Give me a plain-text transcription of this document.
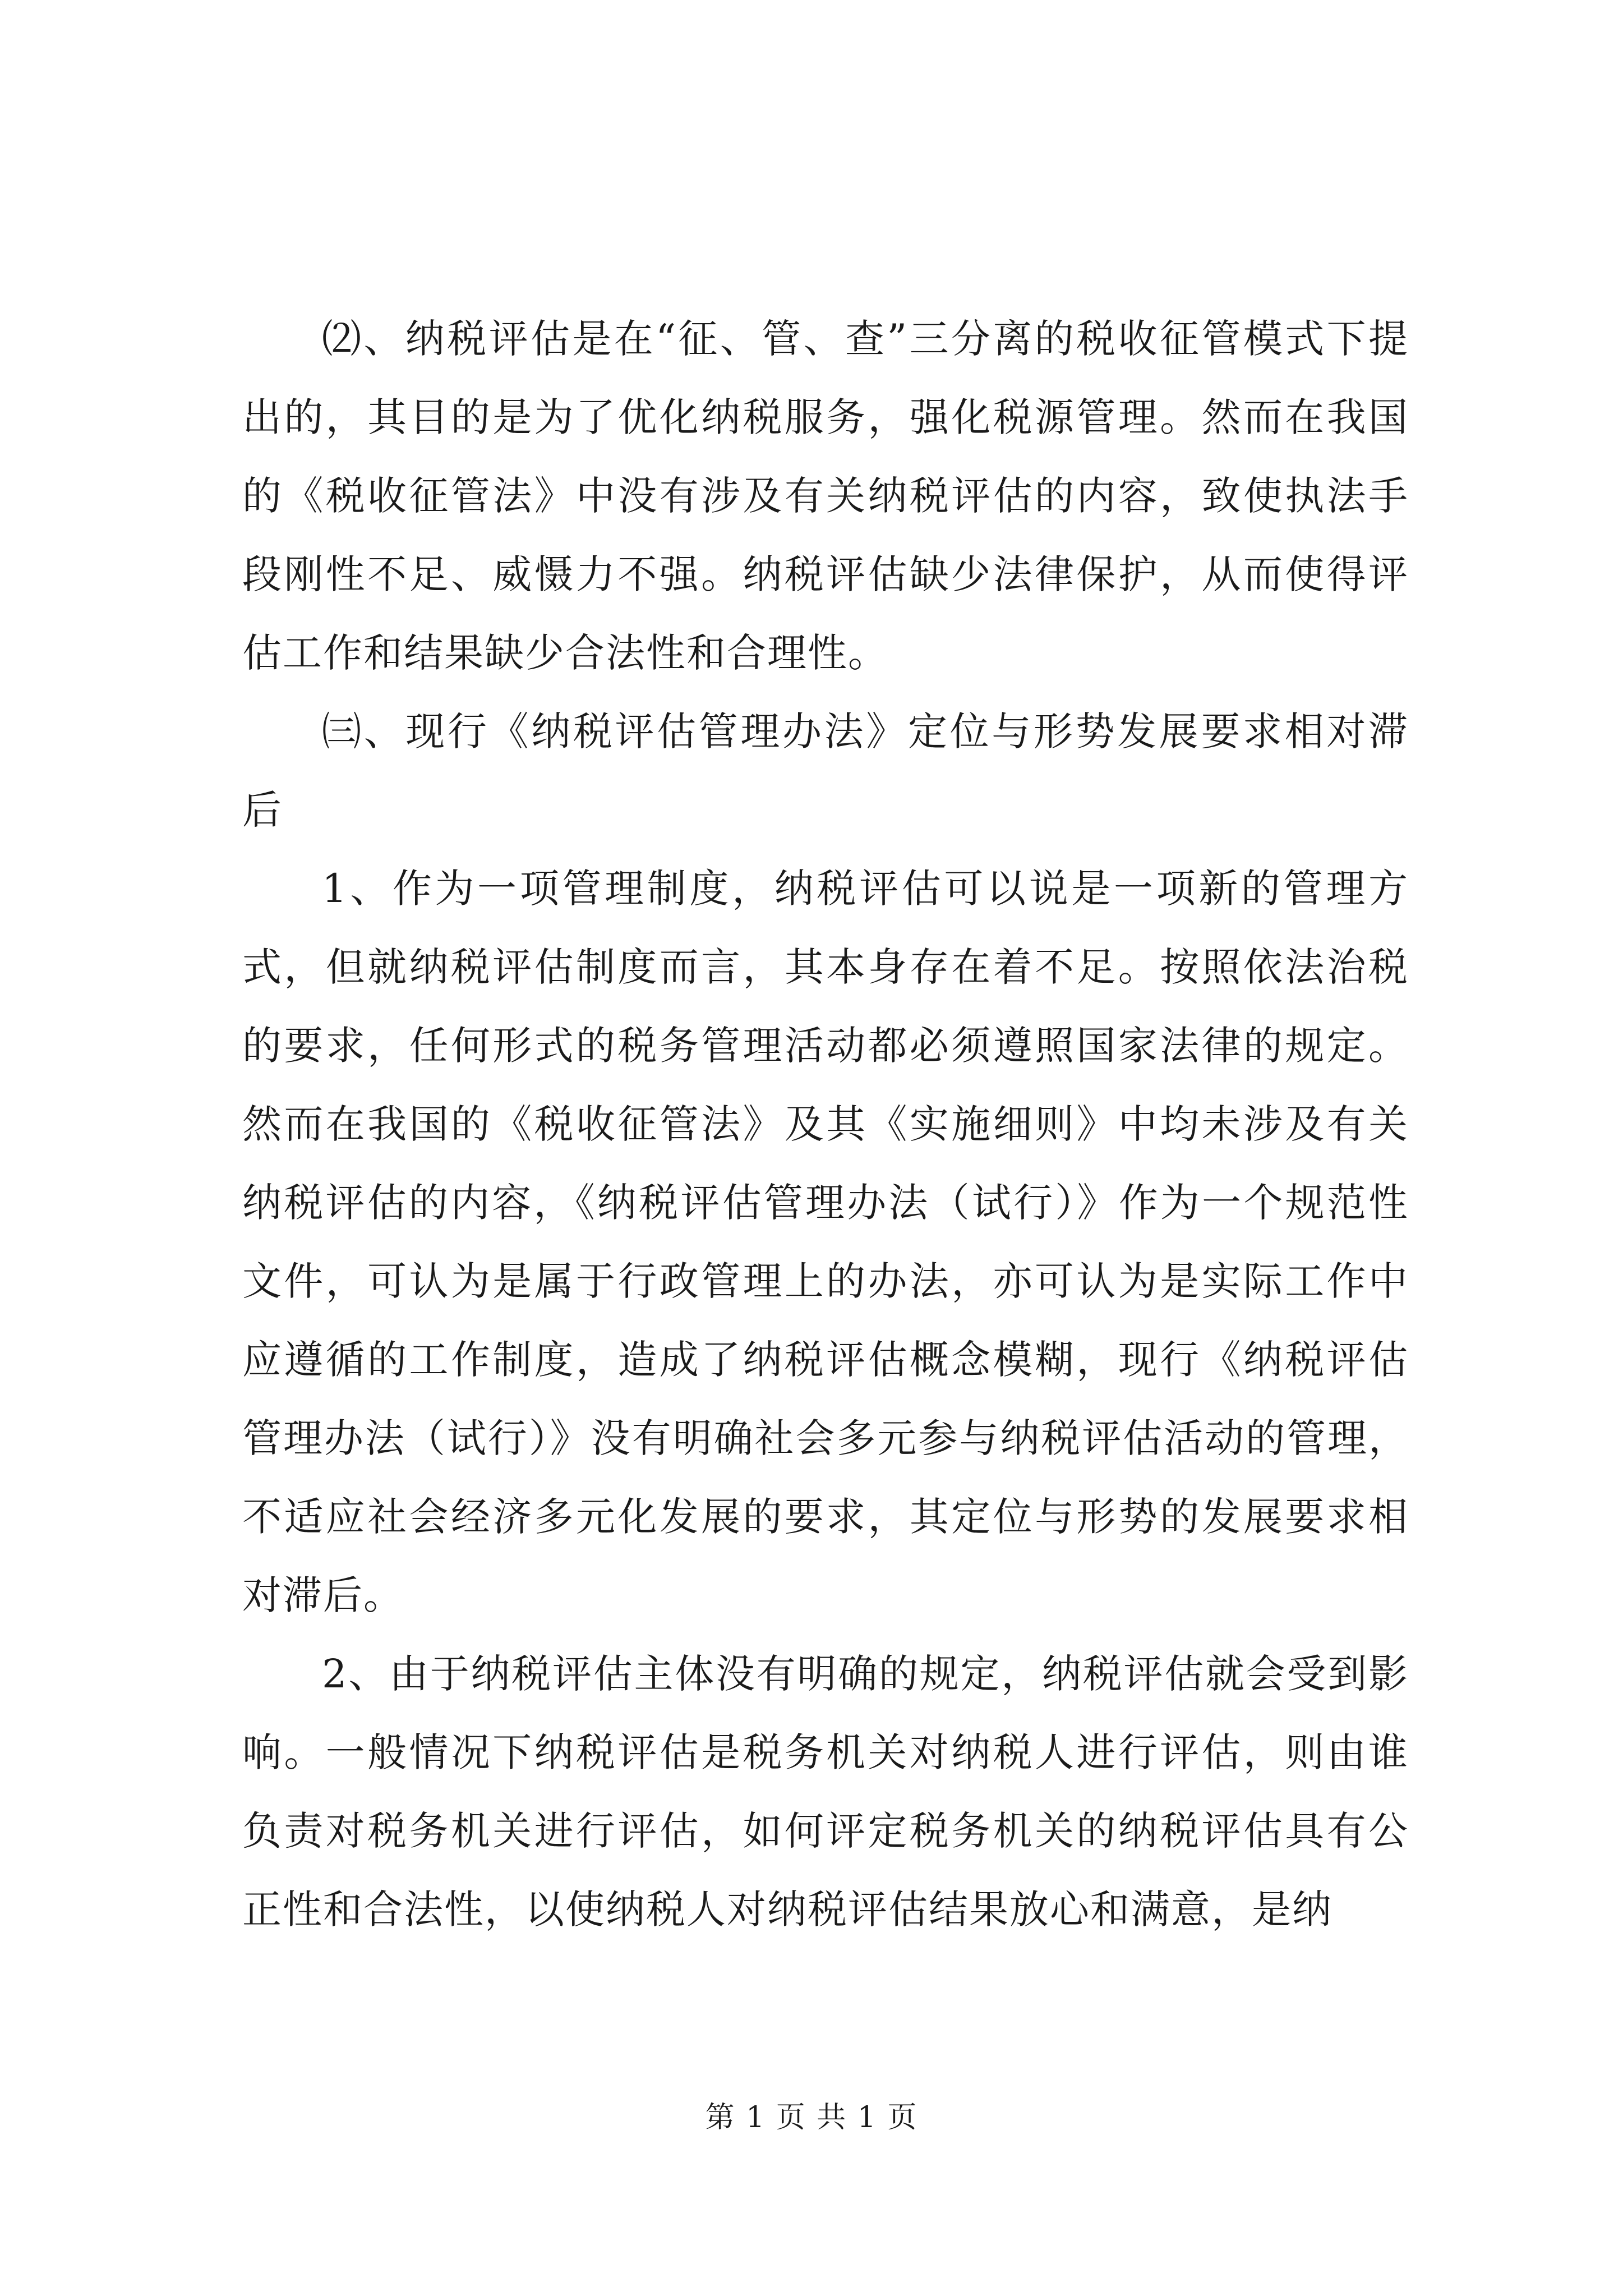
⑵、纳税评估是在“征、管、查”三分离的税收征管模式下提出的，其目的是为了优化纳税服务，强化税源管理。然而在我国的《税收征管法》中没有涉及有关纳税评估的内容，致使执法手段刚性不足、威慑力不强。纳税评估缺少法律保护，从而使得评估工作和结果缺少合法性和合理性。

㈢、现行《纳税评估管理办法》定位与形势发展要求相对滞后

1、作为一项管理制度，纳税评估可以说是一项新的管理方式，但就纳税评估制度而言，其本身存在着不足。按照依法治税的要求，任何形式的税务管理活动都必须遵照国家法律的规定。然而在我国的《税收征管法》及其《实施细则》中均未涉及有关纳税评估的内容，《纳税评估管理办法（试行）》作为一个规范性文件，可认为是属于行政管理上的办法，亦可认为是实际工作中应遵循的工作制度，造成了纳税评估概念模糊，现行《纳税评估管理办法（试行）》没有明确社会多元参与纳税评估活动的管理，不适应社会经济多元化发展的要求，其定位与形势的发展要求相对滞后。

2、由于纳税评估主体没有明确的规定，纳税评估就会受到影响。一般情况下纳税评估是税务机关对纳税人进行评估，则由谁负责对税务机关进行评估，如何评定税务机关的纳税评估具有公正性和合法性，以使纳税人对纳税评估结果放心和满意，是纳

第 1 页 共 1 页
